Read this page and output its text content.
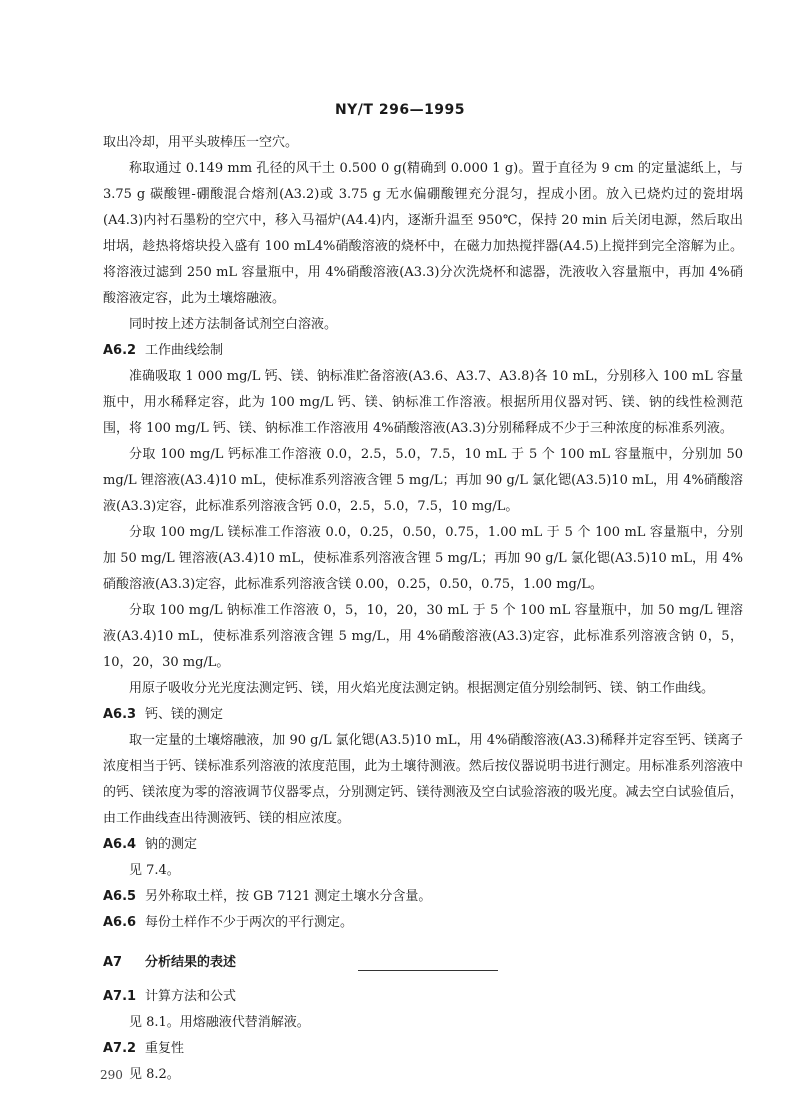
NY/T 296—1995

取出冷却，用平头玻棒压一空穴。

称取通过 0.149 mm 孔径的风干土 0.500 0 g(精确到 0.000 1 g)。置于直径为 9 cm 的定量滤纸上，与 3.75 g 碳酸锂-硼酸混合熔剂(A3.2)或 3.75 g 无水偏硼酸锂充分混匀，捏成小团。放入已烧灼过的瓷坩埚(A4.3)内衬石墨粉的空穴中，移入马福炉(A4.4)内，逐渐升温至 950℃，保持 20 min 后关闭电源，然后取出坩埚，趁热将熔块投入盛有 100 mL4%硝酸溶液的烧杯中，在磁力加热搅拌器(A4.5)上搅拌到完全溶解为止。将溶液过滤到 250 mL 容量瓶中，用 4%硝酸溶液(A3.3)分次洗烧杯和滤器，洗液收入容量瓶中，再加 4%硝酸溶液定容，此为土壤熔融液。

同时按上述方法制备试剂空白溶液。

A6.2 工作曲线绘制

准确吸取 1 000 mg/L 钙、镁、钠标准贮备溶液(A3.6、A3.7、A3.8)各 10 mL，分别移入 100 mL 容量瓶中，用水稀释定容，此为 100 mg/L 钙、镁、钠标准工作溶液。根据所用仪器对钙、镁、钠的线性检测范围，将 100 mg/L 钙、镁、钠标准工作溶液用 4%硝酸溶液(A3.3)分别稀释成不少于三种浓度的标准系列液。

分取 100 mg/L 钙标准工作溶液 0.0，2.5，5.0，7.5，10 mL 于 5 个 100 mL 容量瓶中，分别加 50 mg/L 锂溶液(A3.4)10 mL，使标准系列溶液含锂 5 mg/L；再加 90 g/L 氯化锶(A3.5)10 mL，用 4%硝酸溶液(A3.3)定容，此标准系列溶液含钙 0.0，2.5，5.0，7.5，10 mg/L。

分取 100 mg/L 镁标准工作溶液 0.0，0.25，0.50，0.75，1.00 mL 于 5 个 100 mL 容量瓶中，分别加 50 mg/L 锂溶液(A3.4)10 mL，使标准系列溶液含锂 5 mg/L；再加 90 g/L 氯化锶(A3.5)10 mL，用 4%硝酸溶液(A3.3)定容，此标准系列溶液含镁 0.00，0.25，0.50，0.75，1.00 mg/L。

分取 100 mg/L 钠标准工作溶液 0，5，10，20，30 mL 于 5 个 100 mL 容量瓶中，加 50 mg/L 锂溶液(A3.4)10 mL，使标准系列溶液含锂 5 mg/L，用 4%硝酸溶液(A3.3)定容，此标准系列溶液含钠 0，5，10，20，30 mg/L。

用原子吸收分光光度法测定钙、镁，用火焰光度法测定钠。根据测定值分别绘制钙、镁、钠工作曲线。

A6.3 钙、镁的测定

取一定量的土壤熔融液，加 90 g/L 氯化锶(A3.5)10 mL，用 4%硝酸溶液(A3.3)稀释并定容至钙、镁离子浓度相当于钙、镁标准系列溶液的浓度范围，此为土壤待测液。然后按仪器说明书进行测定。用标准系列溶液中的钙、镁浓度为零的溶液调节仪器零点，分别测定钙、镁待测液及空白试验溶液的吸光度。减去空白试验值后，由工作曲线查出待测液钙、镁的相应浓度。

A6.4 钠的测定

见 7.4。

A6.5 另外称取土样，按 GB 7121 测定土壤水分含量。
A6.6 每份土样作不少于两次的平行测定。
A7 分析结果的表述
A7.1 计算方法和公式

见 8.1。用熔融液代替消解液。

A7.2 重复性

见 8.2。

290
